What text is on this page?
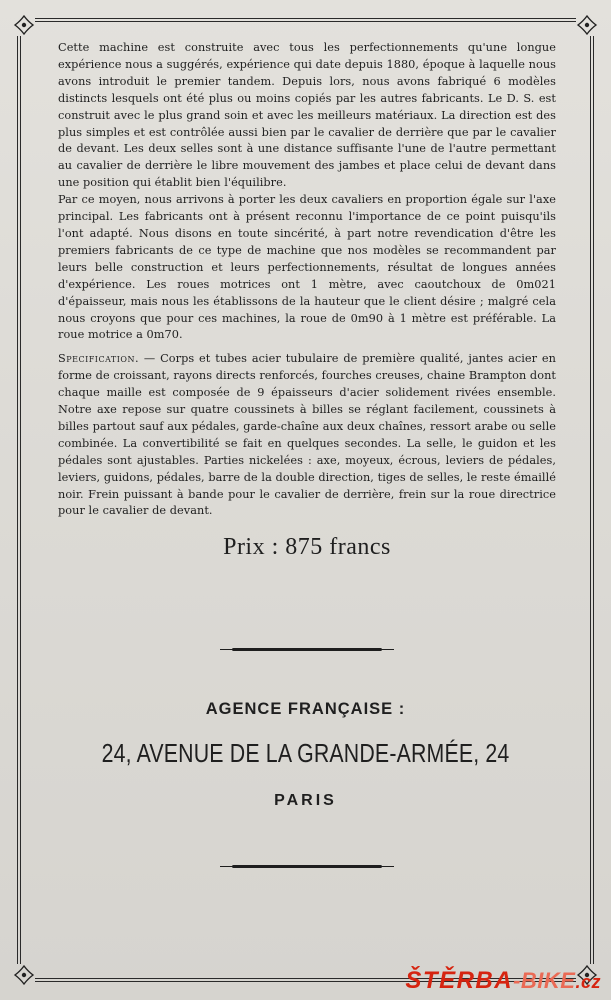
Cette machine est construite avec tous les perfectionnements qu'une longue expérience nous a suggérés, expérience qui date depuis 1880, époque à laquelle nous avons introduit le premier tandem. Depuis lors, nous avons fabriqué 6 modèles distincts lesquels ont été plus ou moins copiés par les autres fabricants. Le D. S. est construit avec le plus grand soin et avec les meilleurs matériaux. La direction est des plus simples et est contrôlée aussi bien par le cavalier de derrière que par le cavalier de devant. Les deux selles sont à une distance suffisante l'une de l'autre permettant au cavalier de derrière le libre mouvement des jambes et place celui de devant dans une position qui établit bien l'équilibre.

Par ce moyen, nous arrivons à porter les deux cavaliers en proportion égale sur l'axe principal. Les fabricants ont à présent reconnu l'importance de ce point puisqu'ils l'ont adapté. Nous disons en toute sincérité, à part notre revendication d'être les premiers fabricants de ce type de machine que nos modèles se recommandent par leurs belle construction et leurs perfectionnements, résultat de longues années d'expérience. Les roues motrices ont 1 mètre, avec caoutchoux de 0m021 d'épaisseur, mais nous les établissons de la hauteur que le client désire ; malgré cela nous croyons que pour ces machines, la roue de 0m90 à 1 mètre est préférable. La roue motrice a 0m70.

Specification. — Corps et tubes acier tubulaire de première qualité, jantes acier en forme de croissant, rayons directs renforcés, fourches creuses, chaine Brampton dont chaque maille est composée de 9 épaisseurs d'acier solidement rivées ensemble. Notre axe repose sur quatre coussinets à billes se réglant facilement, coussinets à billes partout sauf aux pédales, garde-chaîne aux deux chaînes, ressort arabe ou selle combinée. La convertibilité se fait en quelques secondes. La selle, le guidon et les pédales sont ajustables. Parties nickelées : axe, moyeux, écrous, leviers de pédales, leviers, guidons, pédales, barre de la double direction, tiges de selles, le reste émaillé noir. Frein puissant à bande pour le cavalier de derrière, frein sur la roue directrice pour le cavalier de devant.

Prix : 875 francs
AGENCE FRANÇAISE :
24, AVENUE DE LA GRANDE-ARMÉE, 24
PARIS
ŠTĚRBA-BIKE.cz
